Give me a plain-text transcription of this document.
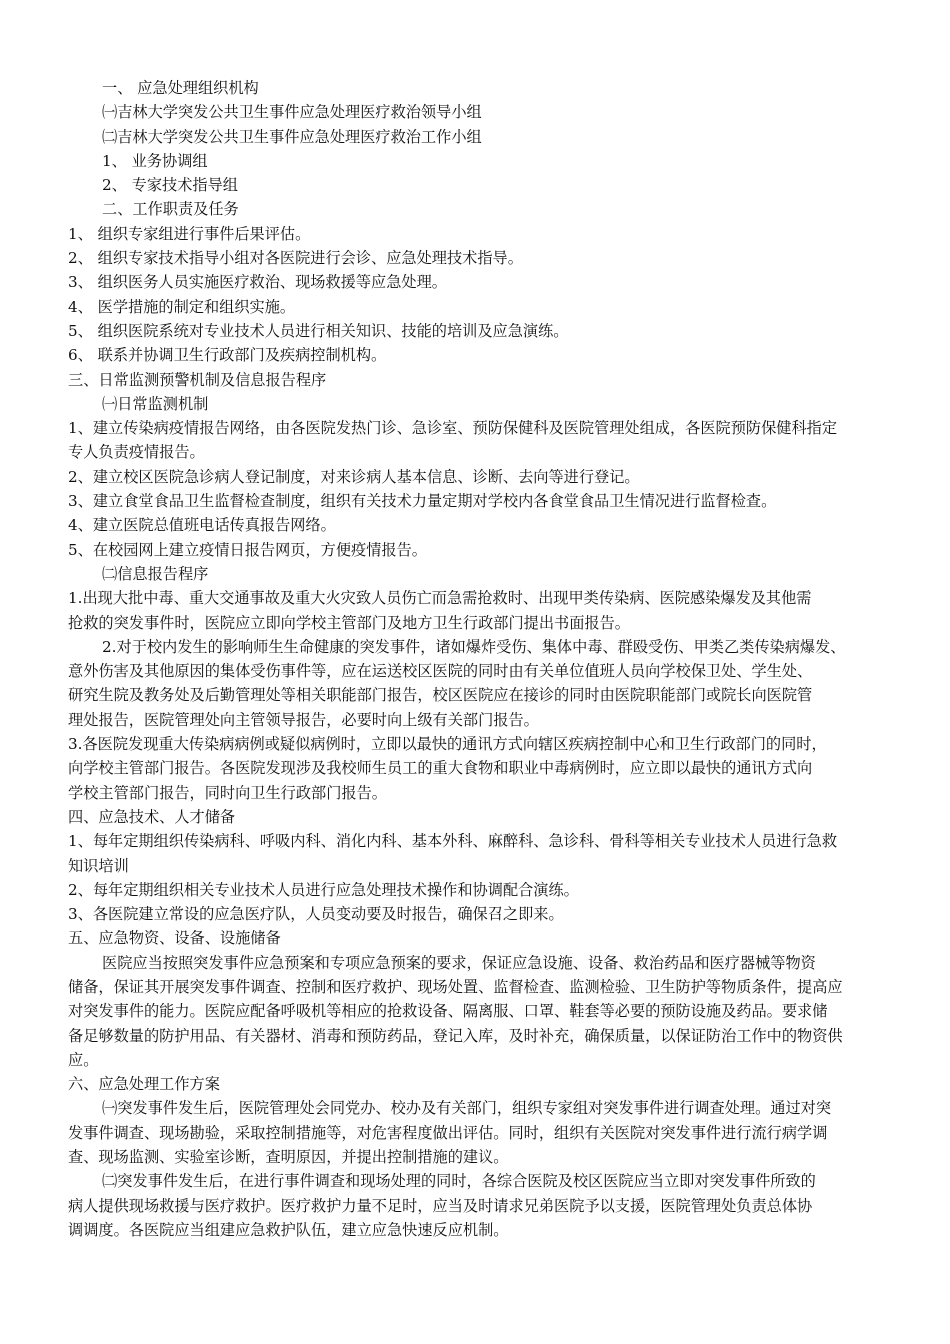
一、 应急处理组织机构
㈠吉林大学突发公共卫生事件应急处理医疗救治领导小组
㈡吉林大学突发公共卫生事件应急处理医疗救治工作小组
1、 业务协调组
2、 专家技术指导组
二、工作职责及任务
1、 组织专家组进行事件后果评估。
2、 组织专家技术指导小组对各医院进行会诊、应急处理技术指导。
3、 组织医务人员实施医疗救治、现场救援等应急处理。
4、 医学措施的制定和组织实施。
5、 组织医院系统对专业技术人员进行相关知识、技能的培训及应急演练。
6、 联系并协调卫生行政部门及疾病控制机构。
三、日常监测预警机制及信息报告程序
㈠日常监测机制
1、建立传染病疫情报告网络，由各医院发热门诊、急诊室、预防保健科及医院管理处组成，各医院预防保健科指定
专人负责疫情报告。
2、建立校区医院急诊病人登记制度，对来诊病人基本信息、诊断、去向等进行登记。
3、建立食堂食品卫生监督检查制度，组织有关技术力量定期对学校内各食堂食品卫生情况进行监督检查。
4、建立医院总值班电话传真报告网络。
5、在校园网上建立疫情日报告网页，方便疫情报告。
㈡信息报告程序
1.出现大批中毒、重大交通事故及重大火灾致人员伤亡而急需抢救时、出现甲类传染病、医院感染爆发及其他需
抢救的突发事件时，医院应立即向学校主管部门及地方卫生行政部门提出书面报告。
2.对于校内发生的影响师生生命健康的突发事件，诸如爆炸受伤、集体中毒、群殴受伤、甲类乙类传染病爆发、
意外伤害及其他原因的集体受伤事件等，应在运送校区医院的同时由有关单位值班人员向学校保卫处、学生处、
研究生院及教务处及后勤管理处等相关职能部门报告，校区医院应在接诊的同时由医院职能部门或院长向医院管
理处报告，医院管理处向主管领导报告，必要时向上级有关部门报告。
3.各医院发现重大传染病病例或疑似病例时，立即以最快的通讯方式向辖区疾病控制中心和卫生行政部门的同时，
向学校主管部门报告。各医院发现涉及我校师生员工的重大食物和职业中毒病例时，应立即以最快的通讯方式向
学校主管部门报告，同时向卫生行政部门报告。
四、应急技术、人才储备
1、每年定期组织传染病科、呼吸内科、消化内科、基本外科、麻醉科、急诊科、骨科等相关专业技术人员进行急救
知识培训
2、每年定期组织相关专业技术人员进行应急处理技术操作和协调配合演练。
3、各医院建立常设的应急医疗队，人员变动要及时报告，确保召之即来。
五、应急物资、设备、设施储备
医院应当按照突发事件应急预案和专项应急预案的要求，保证应急设施、设备、救治药品和医疗器械等物资
储备，保证其开展突发事件调查、控制和医疗救护、现场处置、监督检查、监测检验、卫生防护等物质条件，提高应
对突发事件的能力。医院应配备呼吸机等相应的抢救设备、隔离服、口罩、鞋套等必要的预防设施及药品。要求储
备足够数量的防护用品、有关器材、消毒和预防药品，登记入库，及时补充，确保质量，以保证防治工作中的物资供
应。
六、应急处理工作方案
㈠突发事件发生后，医院管理处会同党办、校办及有关部门，组织专家组对突发事件进行调查处理。通过对突
发事件调查、现场勘验，采取控制措施等，对危害程度做出评估。同时，组织有关医院对突发事件进行流行病学调
查、现场监测、实验室诊断，查明原因，并提出控制措施的建议。
㈡突发事件发生后，在进行事件调查和现场处理的同时，各综合医院及校区医院应当立即对突发事件所致的
病人提供现场救援与医疗救护。医疗救护力量不足时，应当及时请求兄弟医院予以支援，医院管理处负责总体协
调调度。各医院应当组建应急救护队伍，建立应急快速反应机制。
